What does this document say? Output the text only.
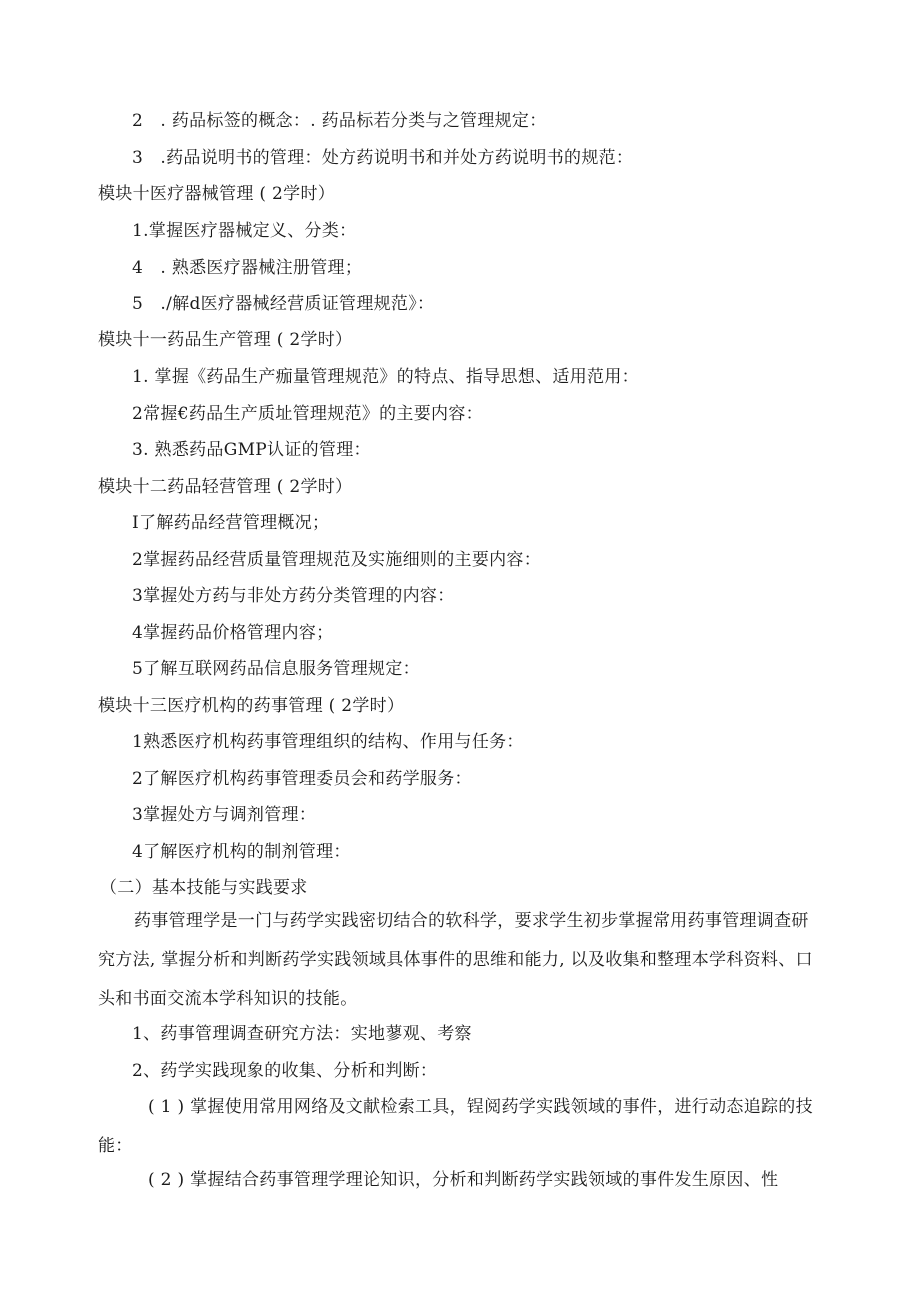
2　. 药品标签的概念：. 药品标若分类与之管理规定：
3　.药品说明书的管理：处方药说明书和并处方药说明书的规范：
模块十医疗器械管理 ( 2学时）
1.掌握医疗器械定义、分类：
4　. 熟悉医疗器械注册管理；
5　./解d医疗器械经营质证管理规范》：
模块十一药品生产管理 ( 2学时）
1. 掌握《药品生产痂量管理规范》的特点、指导思想、适用范用：
2常握€药品生产质址管理规范》的主要内容：
3. 熟悉药品GMP认证的管理：
模块十二药品轻营管理 ( 2学时）
I了解药品经营管理概况；
2掌握药品经营质量管理规范及实施细则的主要内容：
3掌握处方药与非处方药分类管理的内容：
4掌握药品价格管理内容；
5了解互联网药品信息服务管理规定：
模块十三医疗机构的药事管理 ( 2学时）
1熟悉医疗机构药事管理组织的结构、作用与任务：
2了解医疗机构药事管理委员会和药学服务：
3掌握处方与调剂管理：
4了解医疗机构的制剂管理：
（二）基本技能与实践要求
药事管理学是一门与药学实践密切结合的软科学，要求学生初步掌握常用药事管理调查研究方法, 掌握分析和判断药学实践领域具体事件的思维和能力, 以及收集和整理本学科资料、口头和书面交流本学科知识的技能。
1、药事管理调查研究方法：实地蓼观、考察
2、药学实践现象的收集、分析和判断：
( 1 ) 掌握使用常用网络及文献检索工具，锃阅药学实践领域的事件，进行动态追踪的技能：
( 2 ) 掌握结合药事管理学理论知识，分析和判断药学实践领域的事件发生原因、性
